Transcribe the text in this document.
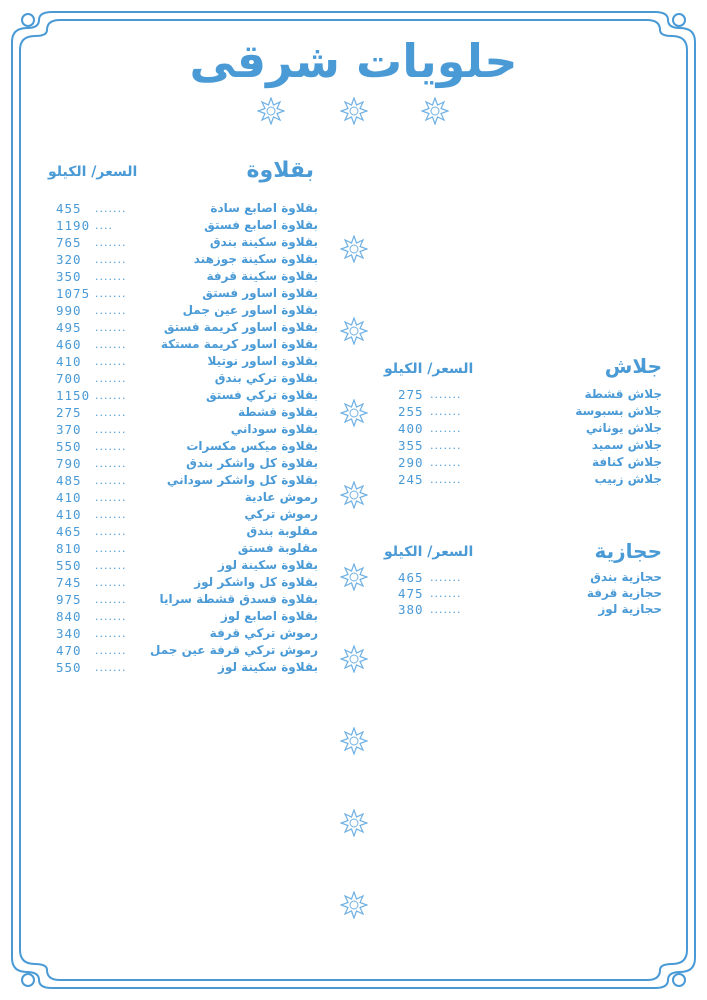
حلويات شرقى
بقلاوة
السعر/ الكيلو
455 .......	بقلاوة اصابع سادة
1190 ....	بقلاوة اصابع فستق
765 .......	بقلاوة سكينة بندق
320 .......	بقلاوة سكينة جوزهند
350 .......	بقلاوة سكينة قرفة
1075 .......	بقلاوة اساور فستق
990 .......	بقلاوة اساور عين جمل
495 .......	بقلاوة اساور كريمة فستق
460 .......	بقلاوة اساور كريمة مستكة
410 .......	بقلاوة اساور نوتيلا
700 .......	بقلاوة تركي بندق
1150 .......	بقلاوة تركي فستق
275 .......	بقلاوة قشطة
370 .......	بقلاوة سوداني
550 .......	بقلاوة ميكس مكسرات
790 .......	بقلاوة كل واشكر بندق
485 .......	بقلاوة كل واشكر سوداني
410 .......	رموش عادية
410 .......	رموش تركي
465 .......	مقلوبة بندق
810 .......	مقلوبة فستق
550 .......	بقلاوة سكينة لوز
745 .......	بقلاوة كل واشكر لوز
975 .......	بقلاوة فسدق قشطة سرايا
840 .......	بقلاوة اصابع لوز
340 .......	رموش تركي قرفة
470 ....... رموش تركي قرفة عين جمل
550 .......	بقلاوة سكينة لوز
جلاش
السعر/ الكيلو
275 .......	جلاش قشطة
255 .......	جلاش بسبوسة
400 .......	جلاش يوناني
355 .......	جلاش سميد
290 .......	جلاش كنافة
245 .......	جلاش زبيب
حجازية
السعر/ الكيلو
465 .......	حجازية بندق
475 .......	حجازية قرفة
380 .......	حجازية لوز
